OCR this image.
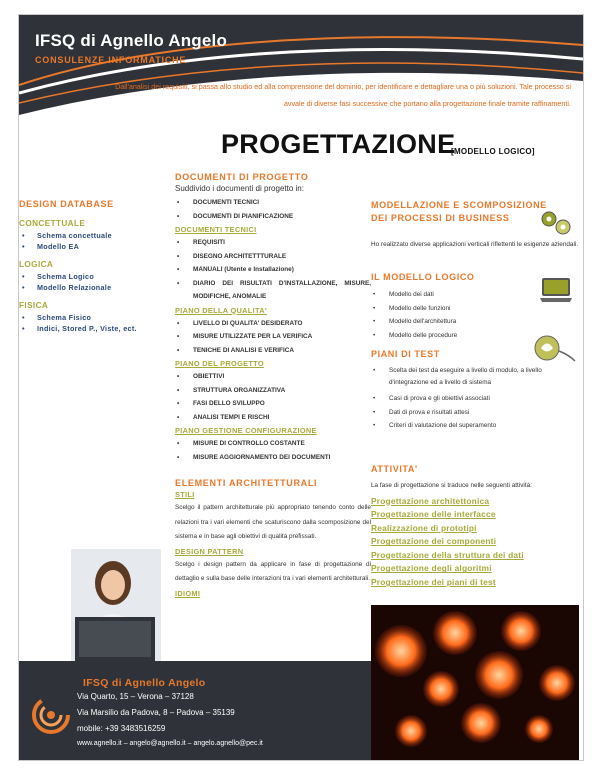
IFSQ di Agnello Angelo
CONSULENZE INFORMATICHE
Dall'analisi dei requisiti, si passa allo studio ed alla comprensione del dominio, per identificare e dettagliare una o più soluzioni. Tale processo si avvale di diverse fasi successive che portano alla progettazione finale tramite raffinamenti.
PROGETTAZIONE
[MODELLO LOGICO]
DESIGN DATABASE
CONCETTUALE
• Schema concettuale
• Modello EA
LOGICA
• Schema Logico
• Modello Relazionale
FISICA
• Schema Fisico
• Indici, Stored P., Viste, ect.
DOCUMENTI DI PROGETTO
Suddivido i documenti di progetto in:
• DOCUMENTI TECNICI
• DOCUMENTI DI PIANIFICAZIONE
DOCUMENTI TECNICI
• REQUISITI
• DISEGNO ARCHITETTTURALE
• MANUALI (Utente e Installazione)
• DIARIO DEI RISULTATI D'INSTALLAZIONE, MISURE, MODIFICHE, ANOMALIE
PIANO DELLA QUALITA'
• LIVELLO DI QUALITA' DESIDERATO
• MISURE UTILIZZATE PER LA VERIFICA
• TENICHE DI ANALISI E VERIFICA
PIANO DEL PROGETTO
• OBIETTIVI
• STRUTTURA ORGANIZZATIVA
• FASI DELLO SVILUPPO
• ANALISI TEMPI E RISCHI
PIANO GESTIONE CONFIGURAZIONE
• MISURE DI CONTROLLO COSTANTE
• MISURE AGGIORNAMENTO DEI DOCUMENTI
ELEMENTI ARCHITETTURALI
STILI
Scelgo il pattern architetturale più appropriato tenendo conto delle relazioni tra i vari elementi che scaturiscono dalla scomposizione del sistema e in base agli obiettivi di qualità prefissati.
DESIGN PATTERN
Scelgo i design pattern da applicare in fase di progettazione di dettaglio e sulla base delle interazioni tra i vari elementi architetturali.
IDIOMI
MODELLAZIONE E SCOMPOSIZIONE DEI PROCESSI DI BUSINESS
Ho realizzato diverse applicazioni verticali riflettenti le esigenze aziendali.
IL MODELLO LOGICO
• Modello dei dati
• Modello delle funzioni
• Modello dell'architettura
• Modello delle procedure
PIANI DI TEST
• Scelta dei test da eseguire a livello di modulo, a livello d'integrazione ed a livello di sistema
• Casi di prova e gli obiettivi associati
• Dati di prova e risultati attesi
• Criteri di valutazione del superamento
ATTIVITA'
La fase di progettazione si traduce nelle seguenti attività:
Progettazione architettonica
Progettazione delle interfacce
Realizzazione di prototipi
Progettazione dei componenti
Progettazione della struttura dei dati
Progettazione degli algoritmi
Progettazione dei piani di test
IFSQ di Agnello Angelo
Via Quarto, 15 – Verona – 37128
Via Marsilio da Padova, 8 – Padova – 35139
mobile: +39 3483516259
www.agnello.it – angelo@agnello.it – angelo.agnello@pec.it
